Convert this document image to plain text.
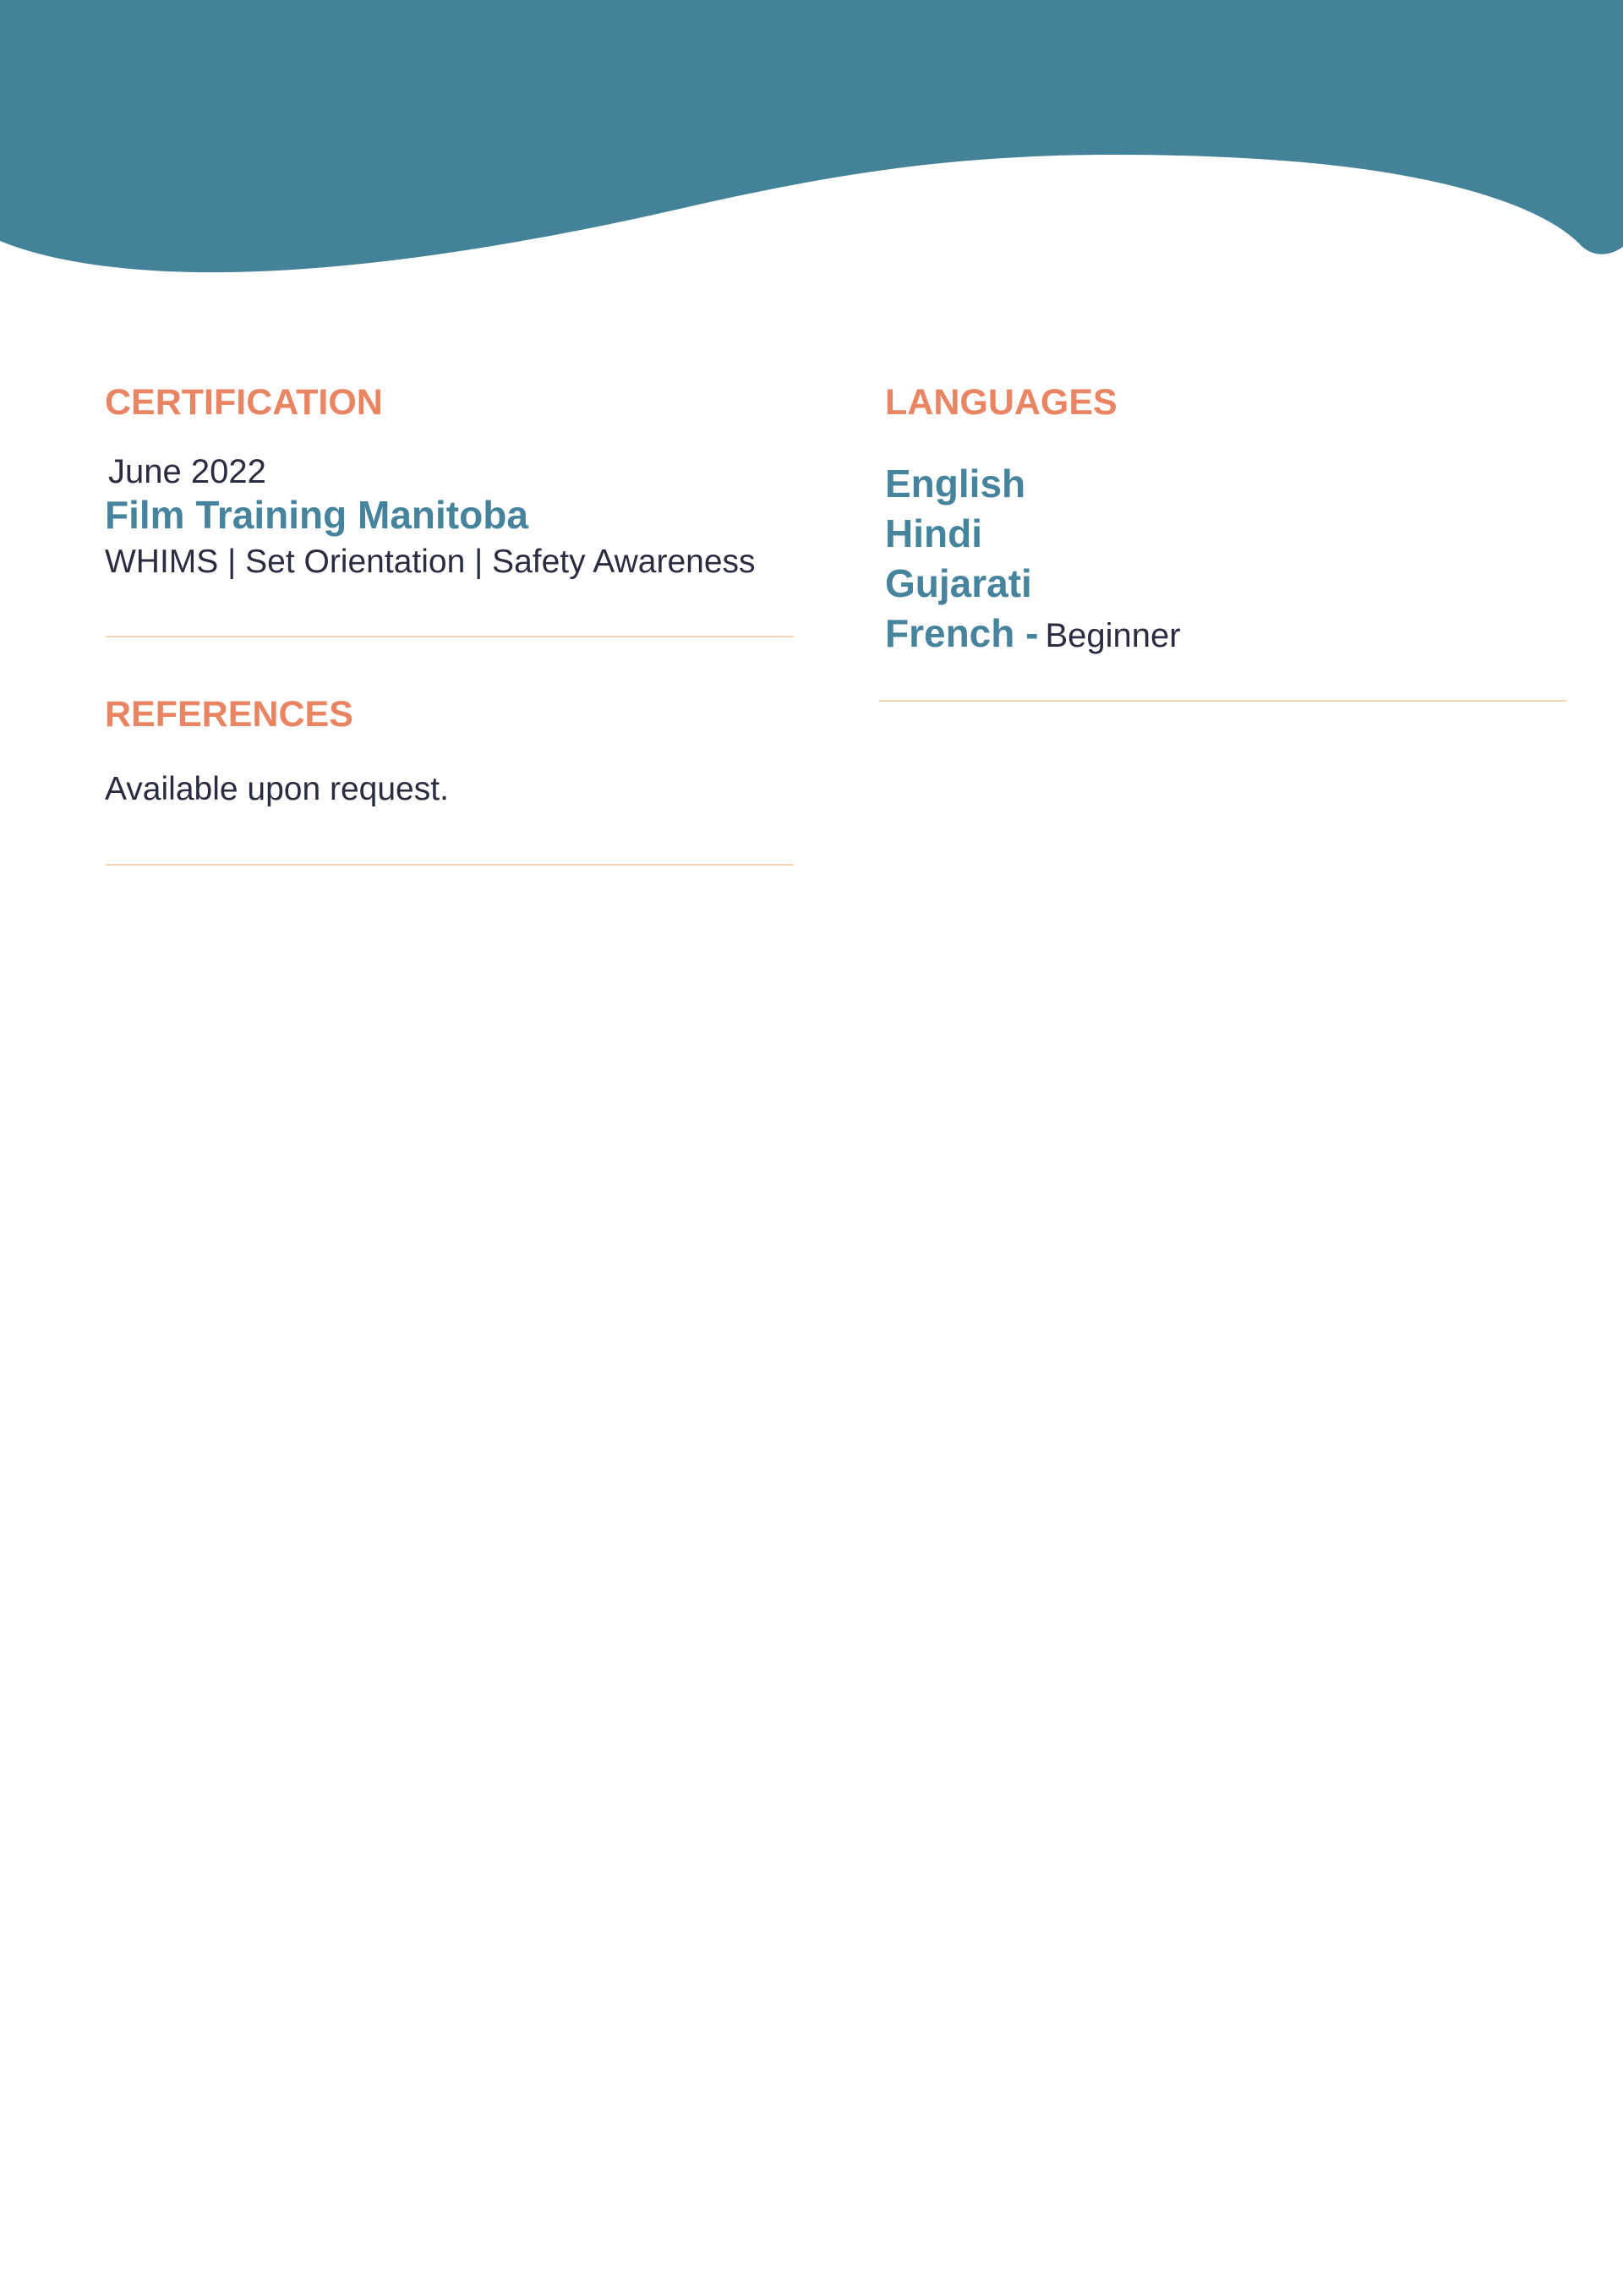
CERTIFICATION
June 2022
Film Training Manitoba
WHIMS | Set Orientation | Safety Awareness
REFERENCES
Available upon request.
LANGUAGES
English
Hindi
Gujarati
French - Beginner
